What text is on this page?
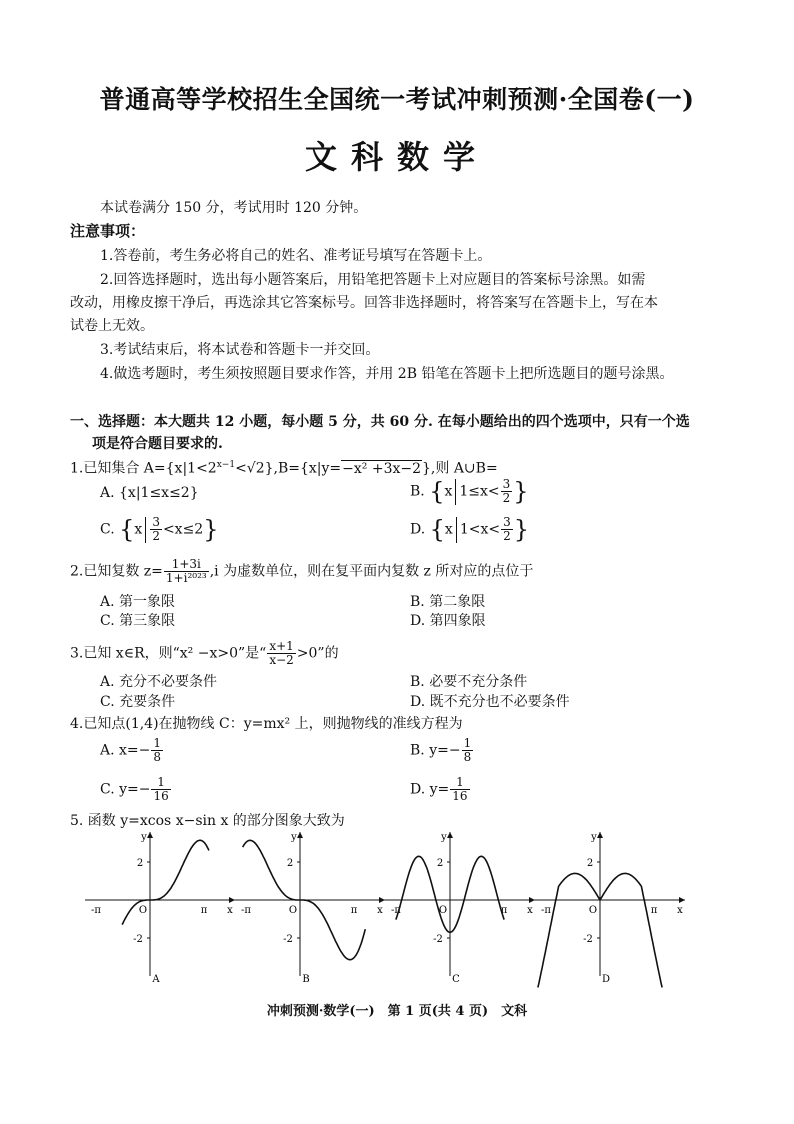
普通高等学校招生全国统一考试冲刺预测·全国卷(一)
文科数学
本试卷满分 150 分，考试用时 120 分钟。
注意事项：
1.答卷前，考生务必将自己的姓名、准考证号填写在答题卡上。
2.回答选择题时，选出每小题答案后，用铅笔把答题卡上对应题目的答案标号涂黑。如需
改动，用橡皮擦干净后，再选涂其它答案标号。回答非选择题时，将答案写在答题卡上，写在本
试卷上无效。
3.考试结束后，将本试卷和答题卡一并交回。
4.做选考题时，考生须按照题目要求作答，并用 2B 铅笔在答题卡上把所选题目的题号涂黑。
一、选择题：本大题共 12 小题，每小题 5 分，共 60 分. 在每小题给出的四个选项中，只有一个选
项是符合题目要求的.
1.已知集合 $A=\{x|1<2^{x-1}<√2\},B=\{x|y=-x^2 +3x-2\}$,则 A∪B=
A. {x|1≤x≤2}	B. {x $1\le x< \frac{3}{2}$ }
C. $\{x \frac{3}{2} <x\le 2\}$	D. {x $1<x< \frac{3}{2}$ }
2.已知复数 $z= \frac{1+3i}{\text{1+i²⁰²³}} ,i$ 为虚数单位，则在复平面内复数 z 所对应的点位于
A. 第一象限	B. 第二象限
C. 第三象限	D. 第四象限
3.已知 x∈R，则“x² −x>0”是“ $\frac{x+1}{x-2} >0$”的
A. 充分不必要条件	B. 必要不充分条件
C. 充要条件	D. 既不充分也不必要条件
4.已知点(1,4)在抛物线 C：y=mx² 上，则抛物线的准线方程为
A. $x=- \frac{1}{8}$	B. $y=- \frac{1}{8}$
C. $y=- \frac{1}{16}$	D. $y= \frac{1}{16}$
5. 函数 y=xcos x−sin x 的部分图象大致为
2
-2
O
-π	π x
y
A
2
-2
O
-π	π x
y
B
2
-2
O
-π	π x
y
C
2
-2
O
-π	π x
y
D
冲刺预测·数学(一)　第 1 页(共 4 页)　文科
